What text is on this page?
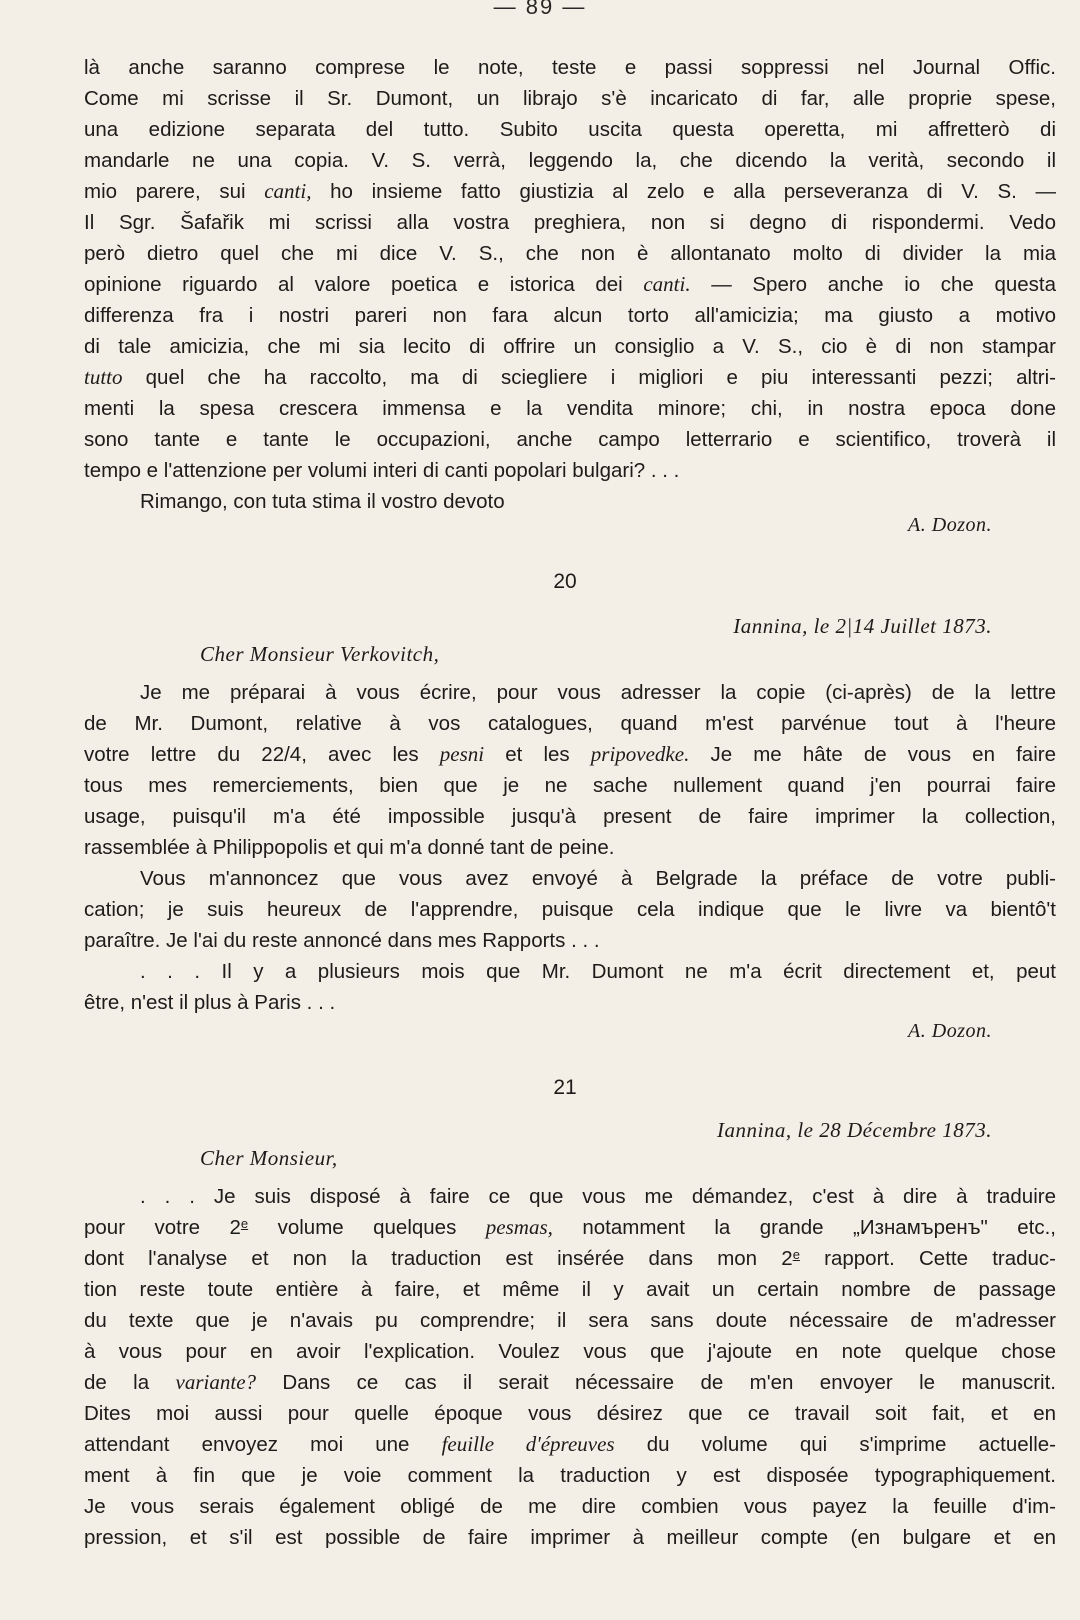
— 89 —
là anche saranno comprese le note, teste e passi soppressi nel Journal Offic.
Come mi scrisse il Sr. Dumont, un librajo s'è incaricato di far, alle proprie spese,
una edizione separata del tutto. Subito uscita questa operetta, mi affretterò di
mandarle ne una copia. V. S. verrà, leggendo la, che dicendo la verità, secondo il
mio parere, sui canti, ho insieme fatto giustizia al zelo e alla perseveranza di V. S. —
Il Sgr. Šafařik mi scrissi alla vostra preghiera, non si degno di rispondermi. Vedo
però dietro quel che mi dice V. S., che non è allontanato molto di divider la mia
opinione riguardo al valore poetica e istorica dei canti. — Spero anche io che questa
differenza fra i nostri pareri non fara alcun torto all'amicizia; ma giusto a motivo
di tale amicizia, che mi sia lecito di offrire un consiglio a V. S., cio è di non stampar
tutto quel che ha raccolto, ma di sciegliere i migliori e piu interessanti pezzi; altri-
menti la spesa crescera immensa e la vendita minore; chi, in nostra epoca done
sono tante e tante le occupazioni, anche campo letterrario e scientifico, troverà il
tempo e l'attenzione per volumi interi di canti popolari bulgari? . . .
Rimango, con tuta stima il vostro devoto
A. Dozon.
20
Iannina, le 2|14 Juillet 1873.
Cher Monsieur Verkovitch,
Je me préparai à vous écrire, pour vous adresser la copie (ci-après) de la lettre
de Mr. Dumont, relative à vos catalogues, quand m'est parvénue tout à l'heure
votre lettre du 22/4, avec les pesni et les pripovedke. Je me hâte de vous en faire
tous mes remerciements, bien que je ne sache nullement quand j'en pourrai faire
usage, puisqu'il m'a été impossible jusqu'à present de faire imprimer la collection,
rassemblée à Philippopolis et qui m'a donné tant de peine.
Vous m'annoncez que vous avez envoyé à Belgrade la préface de votre publi-
cation; je suis heureux de l'apprendre, puisque cela indique que le livre va bientô't
paraître. Je l'ai du reste annoncé dans mes Rapports . . .
. . . Il y a plusieurs mois que Mr. Dumont ne m'a écrit directement et, peut
être, n'est il plus à Paris . . .
A. Dozon.
21
Iannina, le 28 Décembre 1873.
Cher Monsieur,
. . . Je suis disposé à faire ce que vous me démandez, c'est à dire à traduire
pour votre 2e volume quelques pesmas, notamment la grande „Изнамъренъ" etc.,
dont l'analyse et non la traduction est insérée dans mon 2e rapport. Cette traduc-
tion reste toute entière à faire, et même il y avait un certain nombre de passage
du texte que je n'avais pu comprendre; il sera sans doute nécessaire de m'adresser
à vous pour en avoir l'explication. Voulez vous que j'ajoute en note quelque chose
de la variante? Dans ce cas il serait nécessaire de m'en envoyer le manuscrit.
Dites moi aussi pour quelle époque vous désirez que ce travail soit fait, et en
attendant envoyez moi une feuille d'épreuves du volume qui s'imprime actuelle-
ment à fin que je voie comment la traduction y est disposée typographiquement.
Je vous serais également obligé de me dire combien vous payez la feuille d'im-
pression, et s'il est possible de faire imprimer à meilleur compte (en bulgare et en
